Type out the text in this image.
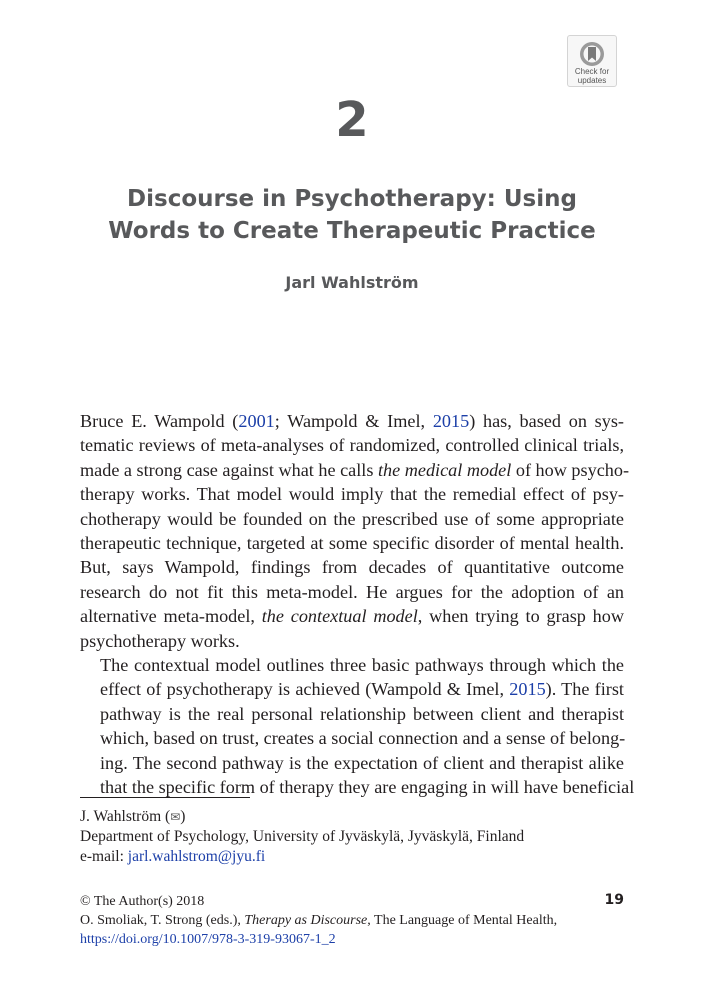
Check for
updates
2
Discourse in Psychotherapy: Using
Words to Create Therapeutic Practice
Jarl Wahlström

Bruce E. Wampold (2001; Wampold & Imel, 2015) has, based on sys-
tematic reviews of meta-analyses of randomized, controlled clinical trials,
made a strong case against what he calls the medical model of how psycho-
therapy works. That model would imply that the remedial effect of psy-
chotherapy would be founded on the prescribed use of some appropriate
therapeutic technique, targeted at some specific disorder of mental health.
But, says Wampold, findings from decades of quantitative outcome
research do not fit this meta-model. He argues for the adoption of an
alternative meta-model, the contextual model, when trying to grasp how
psychotherapy works.

The contextual model outlines three basic pathways through which the
effect of psychotherapy is achieved (Wampold & Imel, 2015). The first
pathway is the real personal relationship between client and therapist
which, based on trust, creates a social connection and a sense of belong-
ing. The second pathway is the expectation of client and therapist alike
that the specific form of therapy they are engaging in will have beneficial

J. Wahlström (✉)
Department of Psychology, University of Jyväskylä, Jyväskylä, Finland
e-mail: jarl.wahlstrom@jyu.fi
© The Author(s) 2018
O. Smoliak, T. Strong (eds.), Therapy as Discourse, The Language of Mental Health,
https://doi.org/10.1007/978-3-319-93067-1_2
19
